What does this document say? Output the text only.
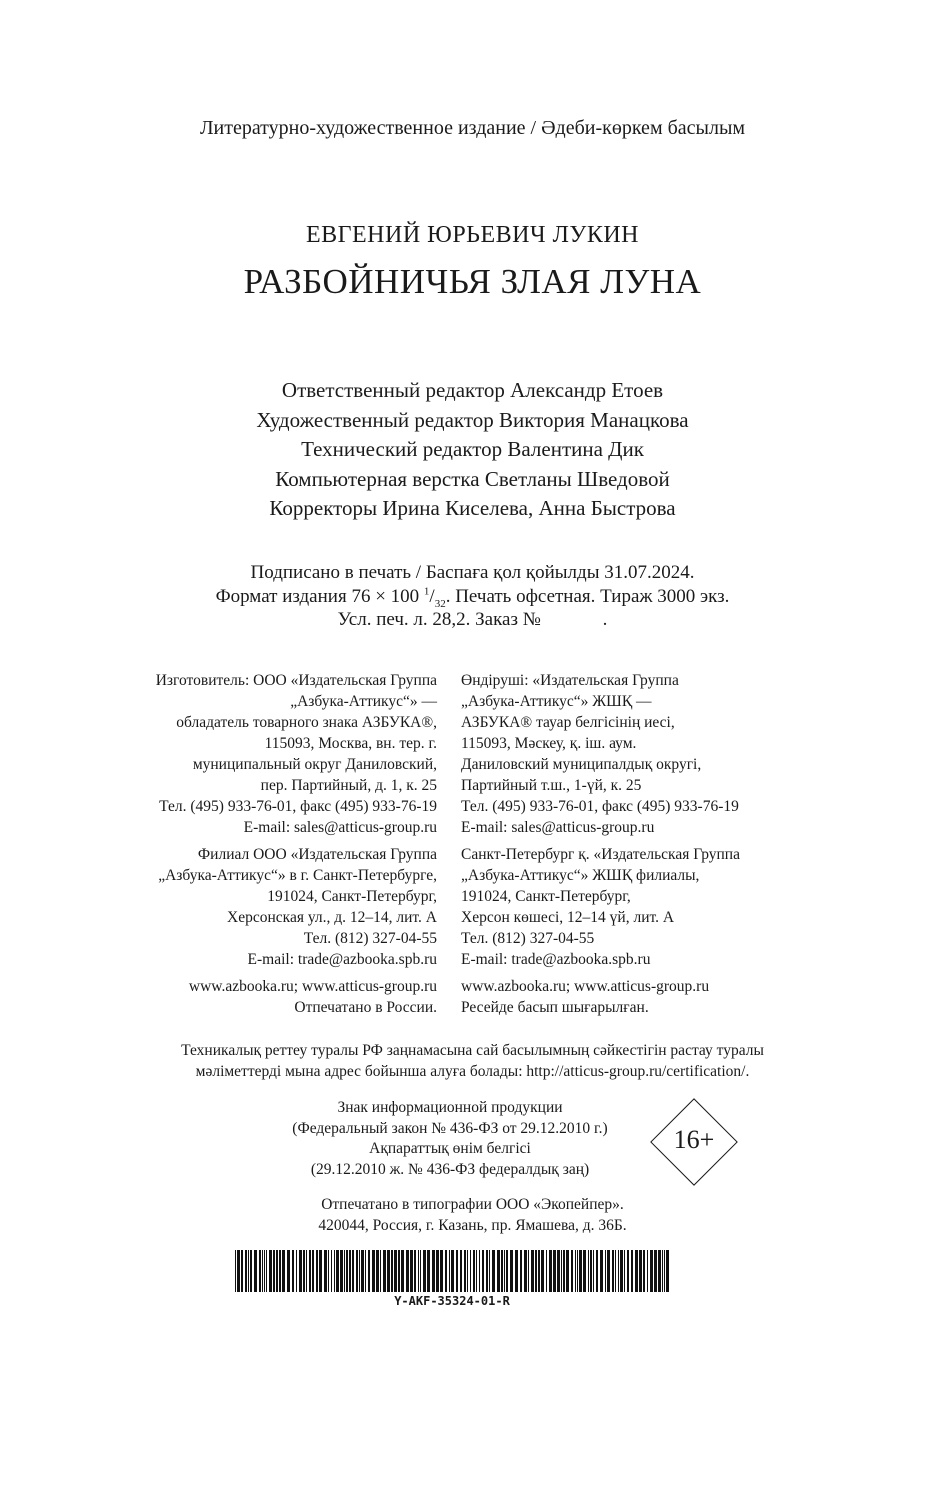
Литературно-художественное издание / Әдеби-көркем басылым
ЕВГЕНИЙ ЮРЬЕВИЧ ЛУКИН
РАЗБОЙНИЧЬЯ ЗЛАЯ ЛУНА
Ответственный редактор Александр Етоев
Художественный редактор Виктория Манацкова
Технический редактор Валентина Дик
Компьютерная верстка Светланы Шведовой
Корректоры Ирина Киселева, Анна Быстрова
Подписано в печать / Баспаға қол қойылды 31.07.2024.
Формат издания 76 × 100 $^1/_{32}$. Печать офсетная. Тираж 3000 экз.
Усл. печ. л. 28,2. Заказ №             .
Изготовитель: ООО «Издательская Группа
„Азбука-Аттикус“» —
обладатель товарного знака АЗБУКА®,
115093, Москва, вн. тер. г.
муниципальный округ Даниловский,
пер. Партийный, д. 1, к. 25
Тел. (495) 933-76-01, факс (495) 933-76-19
E-mail: sales@atticus-group.ru
Филиал ООО «Издательская Группа
„Азбука-Аттикус“» в г. Санкт-Петербурге,
191024, Санкт-Петербург,
Херсонская ул., д. 12–14, лит. А
Тел. (812) 327-04-55
E-mail: trade@azbooka.spb.ru
www.azbooka.ru; www.atticus-group.ru
Отпечатано в России.
Өндіруші: «Издательская Группа
„Азбука-Аттикус“» ЖШҚ —
АЗБУКА® тауар белгісінің иесі,
115093, Мәскеу, қ. іш. аум.
Даниловский муниципалдық округі,
Партийный т.ш., 1-үй, к. 25
Тел. (495) 933-76-01, факс (495) 933-76-19
E-mail: sales@atticus-group.ru
Санкт-Петербург қ. «Издательская Группа
„Азбука-Аттикус“» ЖШҚ филиалы,
191024, Санкт-Петербург,
Херсон көшесі, 12–14 үй, лит. А
Тел. (812) 327-04-55
E-mail: trade@azbooka.spb.ru
www.azbooka.ru; www.atticus-group.ru
Ресейде басып шығарылған.
Техникалық реттеу туралы РФ заңнамасына сай басылымның сәйкестігін растау туралы
мәліметтерді мына адрес бойынша алуға болады: http://atticus-group.ru/certification/.
Знак информационной продукции
(Федеральный закон № 436-ФЗ от 29.12.2010 г.)
Ақпараттық өнім белгісі
(29.12.2010 ж. № 436-ФЗ федералдық заң)
16+
Отпечатано в типографии ООО «Экопейпер».
420044, Россия, г. Казань, пр. Ямашева, д. 36Б.
Y-AKF-35324-01-R
